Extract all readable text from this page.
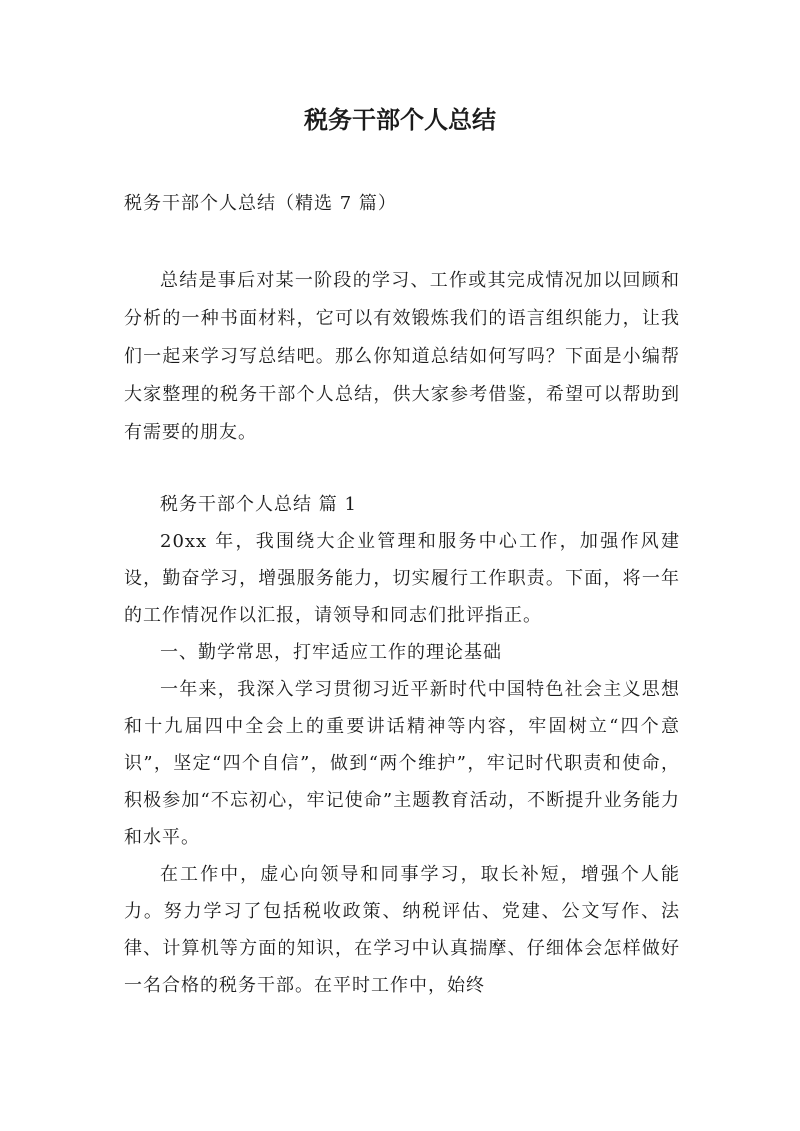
税务干部个人总结

税务干部个人总结（精选 7 篇）

总结是事后对某一阶段的学习、工作或其完成情况加以回顾和分析的一种书面材料，它可以有效锻炼我们的语言组织能力，让我们一起来学习写总结吧。那么你知道总结如何写吗？下面是小编帮大家整理的税务干部个人总结，供大家参考借鉴，希望可以帮助到有需要的朋友。

税务干部个人总结 篇 1

20xx 年，我围绕大企业管理和服务中心工作，加强作风建设，勤奋学习，增强服务能力，切实履行工作职责。下面，将一年的工作情况作以汇报，请领导和同志们批评指正。

一、勤学常思，打牢适应工作的理论基础

一年来，我深入学习贯彻习近平新时代中国特色社会主义思想和十九届四中全会上的重要讲话精神等内容，牢固树立“四个意识”，坚定“四个自信”，做到“两个维护”，牢记时代职责和使命，积极参加“不忘初心，牢记使命”主题教育活动，不断提升业务能力和水平。

在工作中，虚心向领导和同事学习，取长补短，增强个人能力。努力学习了包括税收政策、纳税评估、党建、公文写作、法律、计算机等方面的知识，在学习中认真揣摩、仔细体会怎样做好一名合格的税务干部。在平时工作中，始终
